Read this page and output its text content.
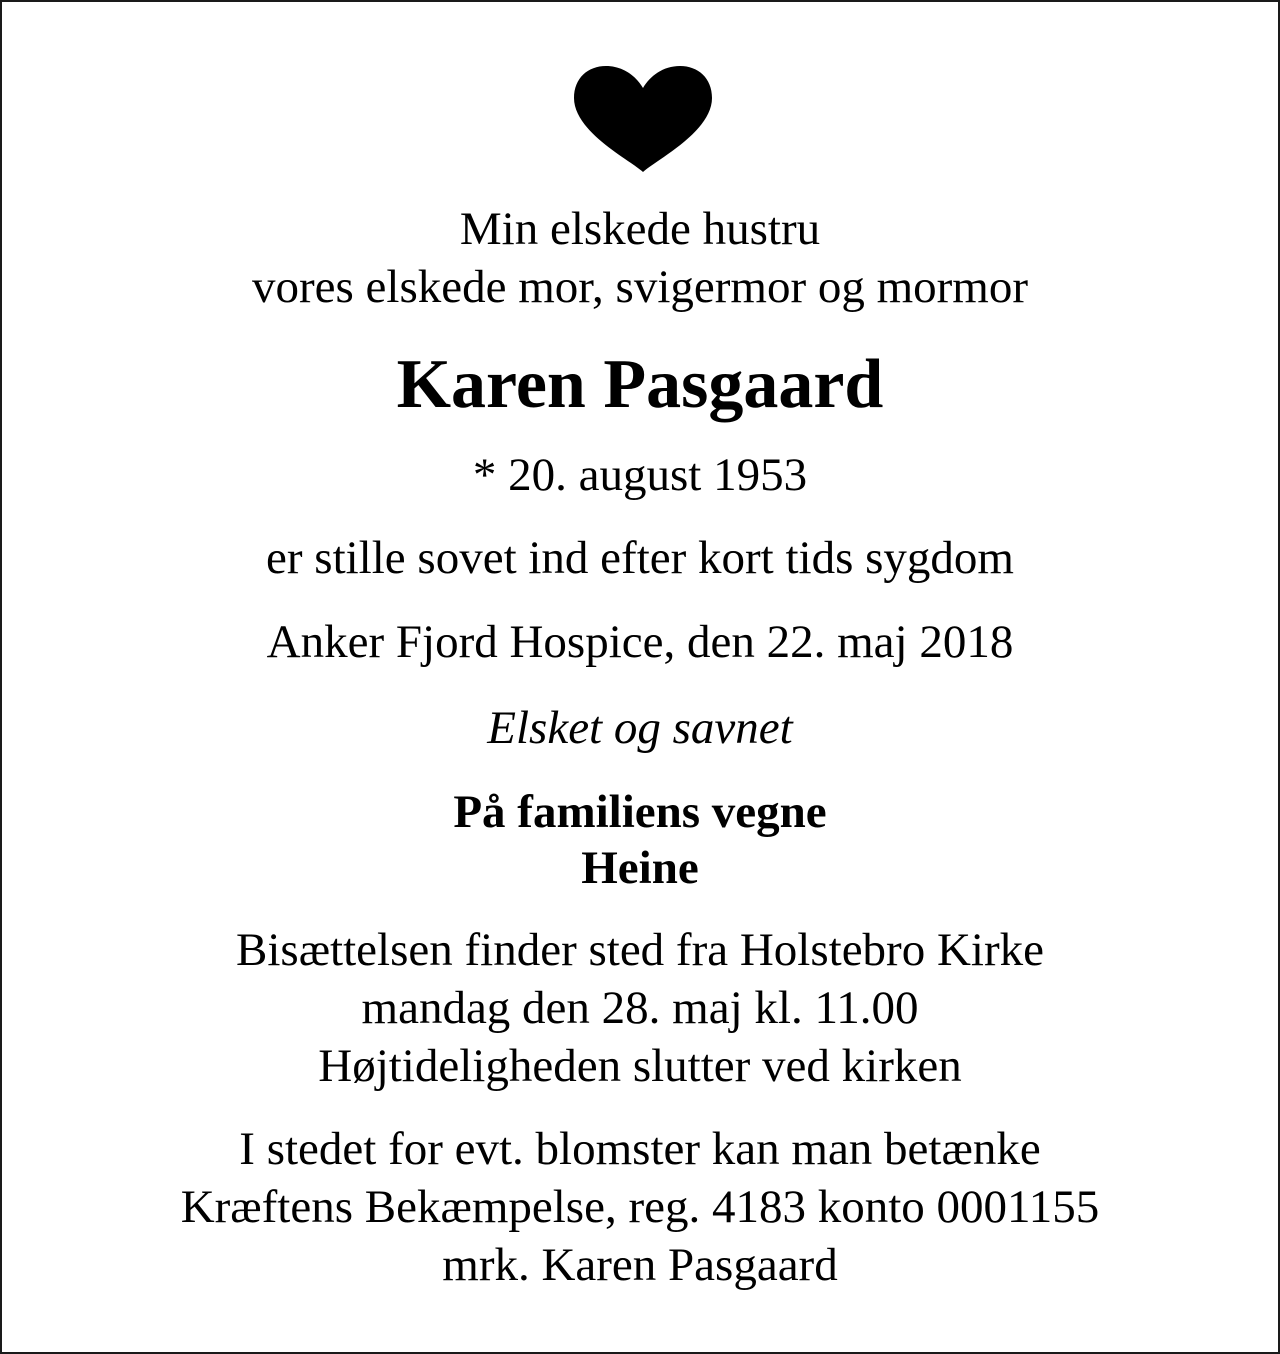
Min elskede hustru
vores elskede mor, svigermor og mormor
Karen Pasgaard
* 20. august 1953
er stille sovet ind efter kort tids sygdom
Anker Fjord Hospice, den 22. maj 2018
Elsket og savnet
På familiens vegne
Heine
Bisættelsen finder sted fra Holstebro Kirke
mandag den 28. maj kl. 11.00
Højtideligheden slutter ved kirken
I stedet for evt. blomster kan man betænke
Kræftens Bekæmpelse, reg. 4183 konto 0001155
mrk. Karen Pasgaard
